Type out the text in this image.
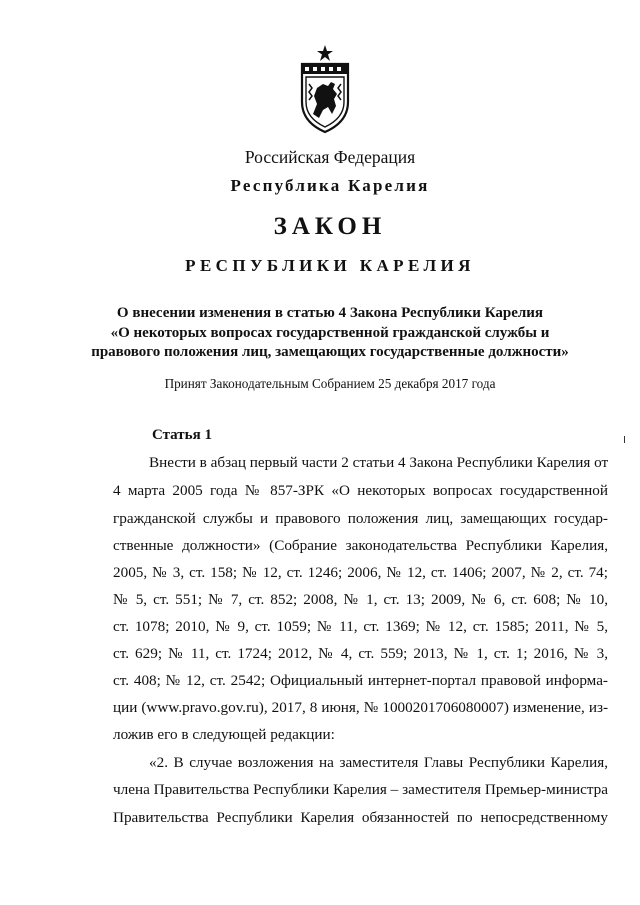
Российская Федерация
Республика Карелия
ЗАКОН
РЕСПУБЛИКИ КАРЕЛИЯ
О внесении изменения в статью 4 Закона Республики Карелия
«О некоторых вопросах государственной гражданской службы и
правового положения лиц, замещающих государственные должности»
Принят Законодательным Собранием 25 декабря 2017 года
Статья 1
Внести в абзац первый части 2 статьи 4 Закона Республики Карелия от
4 марта 2005 года № 857-ЗРК «О некоторых вопросах государственной
гражданской службы и правового положения лиц, замещающих государ-
ственные должности» (Собрание законодательства Республики Карелия,
2005, № 3, ст. 158; № 12, ст. 1246; 2006, № 12, ст. 1406; 2007, № 2, ст. 74;
№ 5, ст. 551; № 7, ст. 852; 2008, № 1, ст. 13; 2009, № 6, ст. 608; № 10,
ст. 1078; 2010, № 9, ст. 1059; № 11, ст. 1369; № 12, ст. 1585; 2011, № 5,
ст. 629; № 11, ст. 1724; 2012, № 4, ст. 559; 2013, № 1, ст. 1; 2016, № 3,
ст. 408; № 12, ст. 2542; Официальный интернет-портал правовой информа-
ции (www.pravo.gov.ru), 2017, 8 июня, № 1000201706080007) изменение, из-
ложив его в следующей редакции:
«2. В случае возложения на заместителя Главы Республики Карелия,
члена Правительства Республики Карелия – заместителя Премьер-министра
Правительства Республики Карелия обязанностей по непосредственному
